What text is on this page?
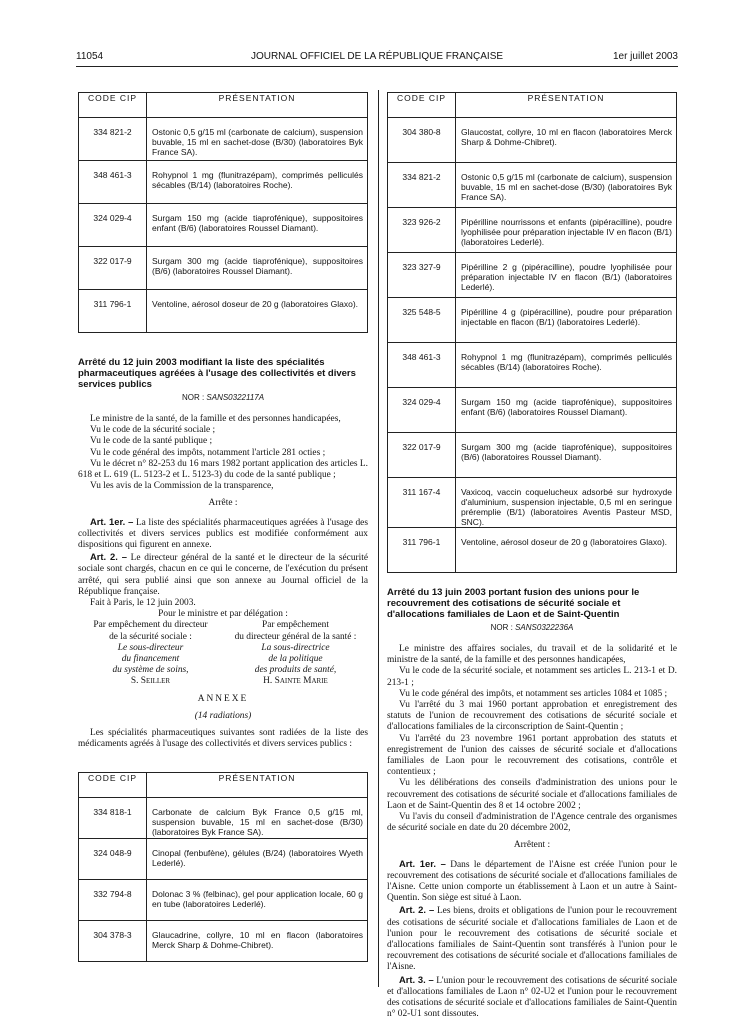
11054	JOURNAL OFFICIEL DE LA RÉPUBLIQUE FRANÇAISE	1er juillet 2003
CODE CIP	PRÉSENTATION
334 821-2	Ostonic 0,5 g/15 ml (carbonate de calcium), suspension buvable, 15 ml en sachet-dose (B/30) (laboratoires Byk France SA).
348 461-3	Rohypnol 1 mg (flunitrazépam), comprimés pelliculés sécables (B/14) (laboratoires Roche).
324 029-4	Surgam 150 mg (acide tiaprofénique), suppositoires enfant (B/6) (laboratoires Roussel Diamant).
322 017-9	Surgam 300 mg (acide tiaprofénique), suppositoires (B/6) (laboratoires Roussel Diamant).
311 796-1	Ventoline, aérosol doseur de 20 g (laboratoires Glaxo).
Arrêté du 12 juin 2003 modifiant la liste des spécialités pharmaceutiques agréées à l'usage des collectivités et divers services publics
NOR : SANS0322117A

Le ministre de la santé, de la famille et des personnes handicapées,

Vu le code de la sécurité sociale ;

Vu le code de la santé publique ;

Vu le code général des impôts, notamment l'article 281 octies ;

Vu le décret n° 82-253 du 16 mars 1982 portant application des articles L. 618 et L. 619 (L. 5123-2 et L. 5123-3) du code de la santé publique ;

Vu les avis de la Commission de la transparence,

Arrête :

Art. 1er. – La liste des spécialités pharmaceutiques agréées à l'usage des collectivités et divers services publics est modifiée conformément aux dispositions qui figurent en annexe.

Art. 2. – Le directeur général de la santé et le directeur de la sécurité sociale sont chargés, chacun en ce qui le concerne, de l'exécution du présent arrêté, qui sera publié ainsi que son annexe au Journal officiel de la République française.

Fait à Paris, le 12 juin 2003.

Pour le ministre et par délégation :

Par empêchement du directeur
de la sécurité sociale :
Le sous-directeur
du financement
du système de soins,
S. Seiller
Par empêchement
du directeur général de la santé :
La sous-directrice
de la politique
des produits de santé,
H. Sainte Marie

ANNEXE

(14 radiations)

Les spécialités pharmaceutiques suivantes sont radiées de la liste des médicaments agréés à l'usage des collectivités et divers services publics :

CODE CIP	PRÉSENTATION
334 818-1	Carbonate de calcium Byk France 0,5 g/15 ml, suspension buvable, 15 ml en sachet-dose (B/30) (laboratoires Byk France SA).
324 048-9	Cinopal (fenbufène), gélules (B/24) (laboratoires Wyeth Lederlé).
332 794-8	Dolonac 3 % (felbinac), gel pour application locale, 60 g en tube (laboratoires Lederlé).
304 378-3	Glaucadrine, collyre, 10 ml en flacon (laboratoires Merck Sharp & Dohme-Chibret).
CODE CIP	PRÉSENTATION
304 380-8	Glaucostat, collyre, 10 ml en flacon (laboratoires Merck Sharp & Dohme-Chibret).
334 821-2	Ostonic 0,5 g/15 ml (carbonate de calcium), suspension buvable, 15 ml en sachet-dose (B/30) (laboratoires Byk France SA).
323 926-2	Pipérilline nourrissons et enfants (pipéracilline), poudre lyophilisée pour préparation injectable IV en flacon (B/1) (laboratoires Lederlé).
323 327-9	Pipérilline 2 g (pipéracilline), poudre lyophilisée pour préparation injectable IV en flacon (B/1) (laboratoires Lederlé).
325 548-5	Pipérilline 4 g (pipéracilline), poudre pour préparation injectable en flacon (B/1) (laboratoires Lederlé).
348 461-3	Rohypnol 1 mg (flunitrazépam), comprimés pelliculés sécables (B/14) (laboratoires Roche).
324 029-4	Surgam 150 mg (acide tiaprofénique), suppositoires enfant (B/6) (laboratoires Roussel Diamant).
322 017-9	Surgam 300 mg (acide tiaprofénique), suppositoires (B/6) (laboratoires Roussel Diamant).
311 167-4	Vaxicoq, vaccin coquelucheux adsorbé sur hydroxyde d'aluminium, suspension injectable, 0,5 ml en seringue préremplie (B/1) (laboratoires Aventis Pasteur MSD, SNC).
311 796-1	Ventoline, aérosol doseur de 20 g (laboratoires Glaxo).
Arrêté du 13 juin 2003 portant fusion des unions pour le recouvrement des cotisations de sécurité sociale et d'allocations familiales de Laon et de Saint-Quentin
NOR : SANS0322236A

Le ministre des affaires sociales, du travail et de la solidarité et le ministre de la santé, de la famille et des personnes handicapées,

Vu le code de la sécurité sociale, et notamment ses articles L. 213-1 et D. 213-1 ;

Vu le code général des impôts, et notamment ses articles 1084 et 1085 ;

Vu l'arrêté du 3 mai 1960 portant approbation et enregistrement des statuts de l'union de recouvrement des cotisations de sécurité sociale et d'allocations familiales de la circonscription de Saint-Quentin ;

Vu l'arrêté du 23 novembre 1961 portant approbation des statuts et enregistrement de l'union des caisses de sécurité sociale et d'allocations familiales de Laon pour le recouvrement des cotisations, contrôle et contentieux ;

Vu les délibérations des conseils d'administration des unions pour le recouvrement des cotisations de sécurité sociale et d'allocations familiales de Laon et de Saint-Quentin des 8 et 14 octobre 2002 ;

Vu l'avis du conseil d'administration de l'Agence centrale des organismes de sécurité sociale en date du 20 décembre 2002,

Arrêtent :

Art. 1er. – Dans le département de l'Aisne est créée l'union pour le recouvrement des cotisations de sécurité sociale et d'allocations familiales de l'Aisne. Cette union comporte un établissement à Laon et un autre à Saint-Quentin. Son siège est situé à Laon.

Art. 2. – Les biens, droits et obligations de l'union pour le recouvrement des cotisations de sécurité sociale et d'allocations familiales de Laon et de l'union pour le recouvrement des cotisations de sécurité sociale et d'allocations familiales de Saint-Quentin sont transférés à l'union pour le recouvrement des cotisations de sécurité sociale et d'allocations familiales de l'Aisne.

Art. 3. – L'union pour le recouvrement des cotisations de sécurité sociale et d'allocations familiales de Laon n° 02-U2 et l'union pour le recouvrement des cotisations de sécurité sociale et d'allocations familiales de Saint-Quentin n° 02-U1 sont dissoutes.
